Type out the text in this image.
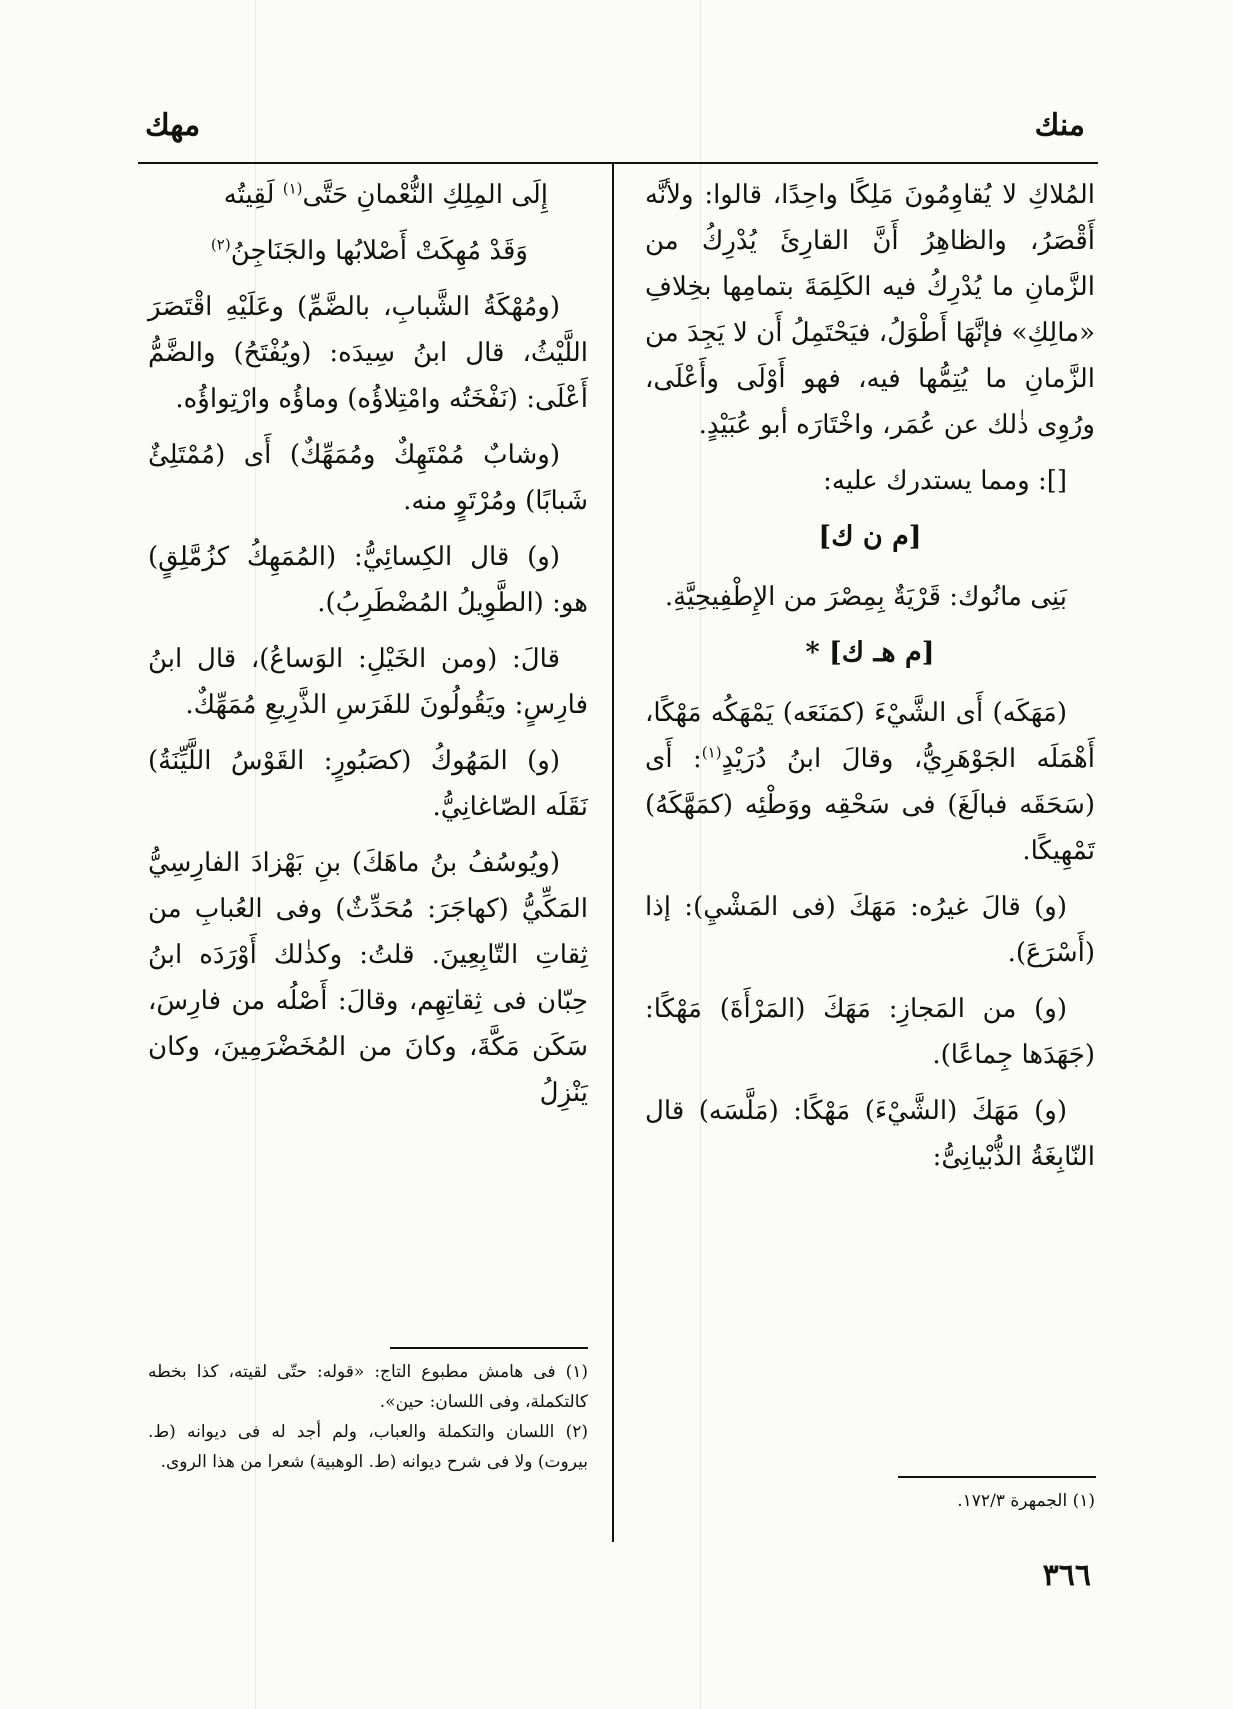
منك
مهك

المُلاكِ لا يُقاوِمُونَ مَلِكًا واحِدًا، قالوا: ولأنَّه أَقْصَرُ، والظاهِرُ أَنَّ القارِئَ يُدْرِكُ من الزَّمانِ ما يُدْرِكُ فيه الكَلِمَةَ بتمامِها بخِلافِ «مالِكِ» فإنَّهَا أَطْوَلُ، فيَحْتَمِلُ أَن لا يَجِدَ من الزَّمانِ ما يُتِمُّها فيه، فهو أَوْلَى وأَعْلَى، ورُوِى ذٰلك عن عُمَر، واخْتَارَه أبو عُبَيْدٍ.

[]: ومما يستدرك عليه:

[م ن ك]

بَنِى مانُوك: قَرْيَةٌ بِمِصْرَ من الإِطْفِيحِيَّةِ.

[م هـ ك] *

(مَهَكَه) أَى الشَّيْءَ (كمَنَعَه) يَمْهَكُه مَهْكًا، أَهْمَلَه الجَوْهَرِيُّ، وقالَ ابنُ دُرَيْدٍ$^{(١)}$: أَى (سَحَقَه فبالَغَ) فى سَحْقِه ووَطْئِه (كمَهَّكَهُ) تَمْهِيكًا.

(و) قالَ غيرُه: مَهَكَ (فى المَشْيِ): إذا (أَسْرَعَ).

(و) من المَجازِ: مَهَكَ (المَرْأَةَ) مَهْكًا: (جَهَدَها جِماعًا).

(و) مَهَكَ (الشَّيْءَ) مَهْكًا: (مَلَّسَه) قال النّابِغَةُ الذُّبْيانِىُّ:

إِلَى المِلِكِ النُّعْمانِ حَتَّى$^{(١)}$ لَقِيتُه

وَقَدْ مُهِكَتْ أَصْلابُها والجَنَاجِنُ$^{(٢)}$

(ومُهْكَةُ الشَّبابِ، بالضَّمِّ) وعَلَيْهِ اقْتَصَرَ اللَّيْثُ، قال ابنُ سِيدَه: (ويُفْتَحُ) والضَّمُّ أَعْلَى: (نَفْخَتُه وامْتِلاؤُه) وماؤُه وارْتِواؤُه.

(وشابٌ مُمْتَهِكٌ ومُمَهِّكٌ) أَى (مُمْتَلِئٌ شَبابًا) ومُرْتَوٍ منه.

(و) قال الكِسائِيُّ: (المُمَهِكُ كزُمَّلِقٍ) هو: (الطَّوِيلُ المُضْطَرِبُ).

قالَ: (ومن الخَيْلِ: الوَساعُ)، قال ابنُ فارِسٍ: ويَقُولُونَ للفَرَسِ الذَّرِيعِ مُمَهِّكٌ.

(و) المَهُوكُ (كصَبُورٍ: القَوْسُ اللَّيِّنَةُ) نَقَلَه الصّاغانِيُّ.

(ويُوسُفُ بنُ ماهَكَ) بنِ بَهْزادَ الفارِسِيُّ المَكِّيُّ (كهاجَرَ: مُحَدِّثٌ) وفى العُبابِ من ثِقاتِ التّابِعِينَ. قلتُ: وكذٰلك أَوْرَدَه ابنُ حِبّان فى ثِقاتِهِم، وقالَ: أَصْلُه من فارِسَ، سَكَن مَكَّةَ، وكانَ من المُخَضْرَمِينَ، وكان يَنْزِلُ

(١) فى هامش مطبوع التاج: «قوله: حتّى لقيته، كذا بخطه كالتكملة، وفى اللسان: حين».

(٢) اللسان والتكملة والعباب، ولم أجد له فى ديوانه (ط. بيروت) ولا فى شرح ديوانه (ط. الوهبية) شعرا من هذا الروى.

(١) الجمهرة ١٧٢/٣.

٣٦٦
